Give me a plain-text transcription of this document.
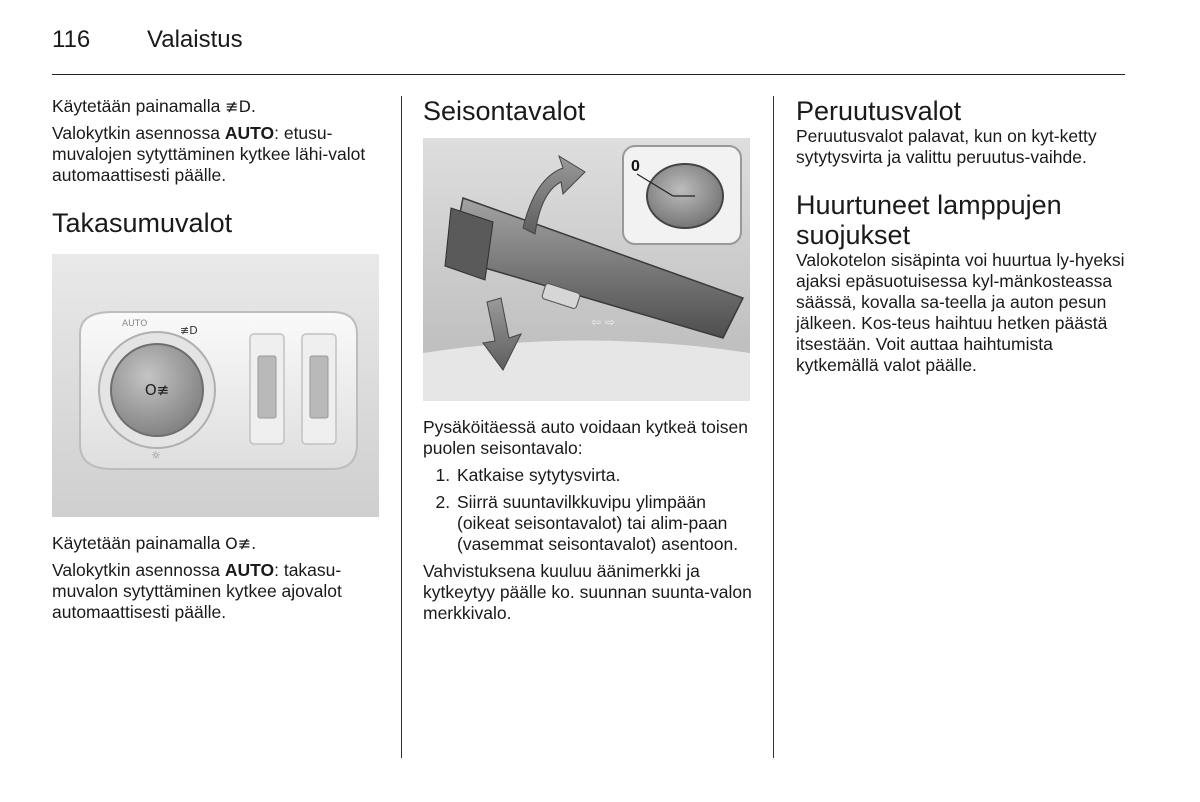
116 Valaistus

Käytetään painamalla ≢D.

Valokytkin asennossa AUTO: etusu-muvalojen sytyttäminen kytkee lähi-valot automaattisesti päälle.

Takasumuvalot
O≢
AUTO	≢D
☼

Käytetään painamalla O≢.

Valokytkin asennossa AUTO: takasu-muvalon sytyttäminen kytkee ajovalot automaattisesti päälle.

Seisontavalot
⇦ ⇨
0

Pysäköitäessä auto voidaan kytkeä toisen puolen seisontavalo:

1. Katkaise sytytysvirta.
2. Siirrä suuntavilkkuvipu ylimpään (oikeat seisontavalot) tai alim-paan (vasemmat seisontavalot) asentoon.

Vahvistuksena kuuluu äänimerkki ja kytkeytyy päälle ko. suunnan suunta-valon merkkivalo.

Peruutusvalot

Peruutusvalot palavat, kun on kyt-ketty sytytysvirta ja valittu peruutus-vaihde.

Huurtuneet lamppujen suojukset

Valokotelon sisäpinta voi huurtua ly-hyeksi ajaksi epäsuotuisessa kyl-mänkosteassa säässä, kovalla sa-teella ja auton pesun jälkeen. Kos-teus haihtuu hetken päästä itsestään. Voit auttaa haihtumista kytkemällä valot päälle.
